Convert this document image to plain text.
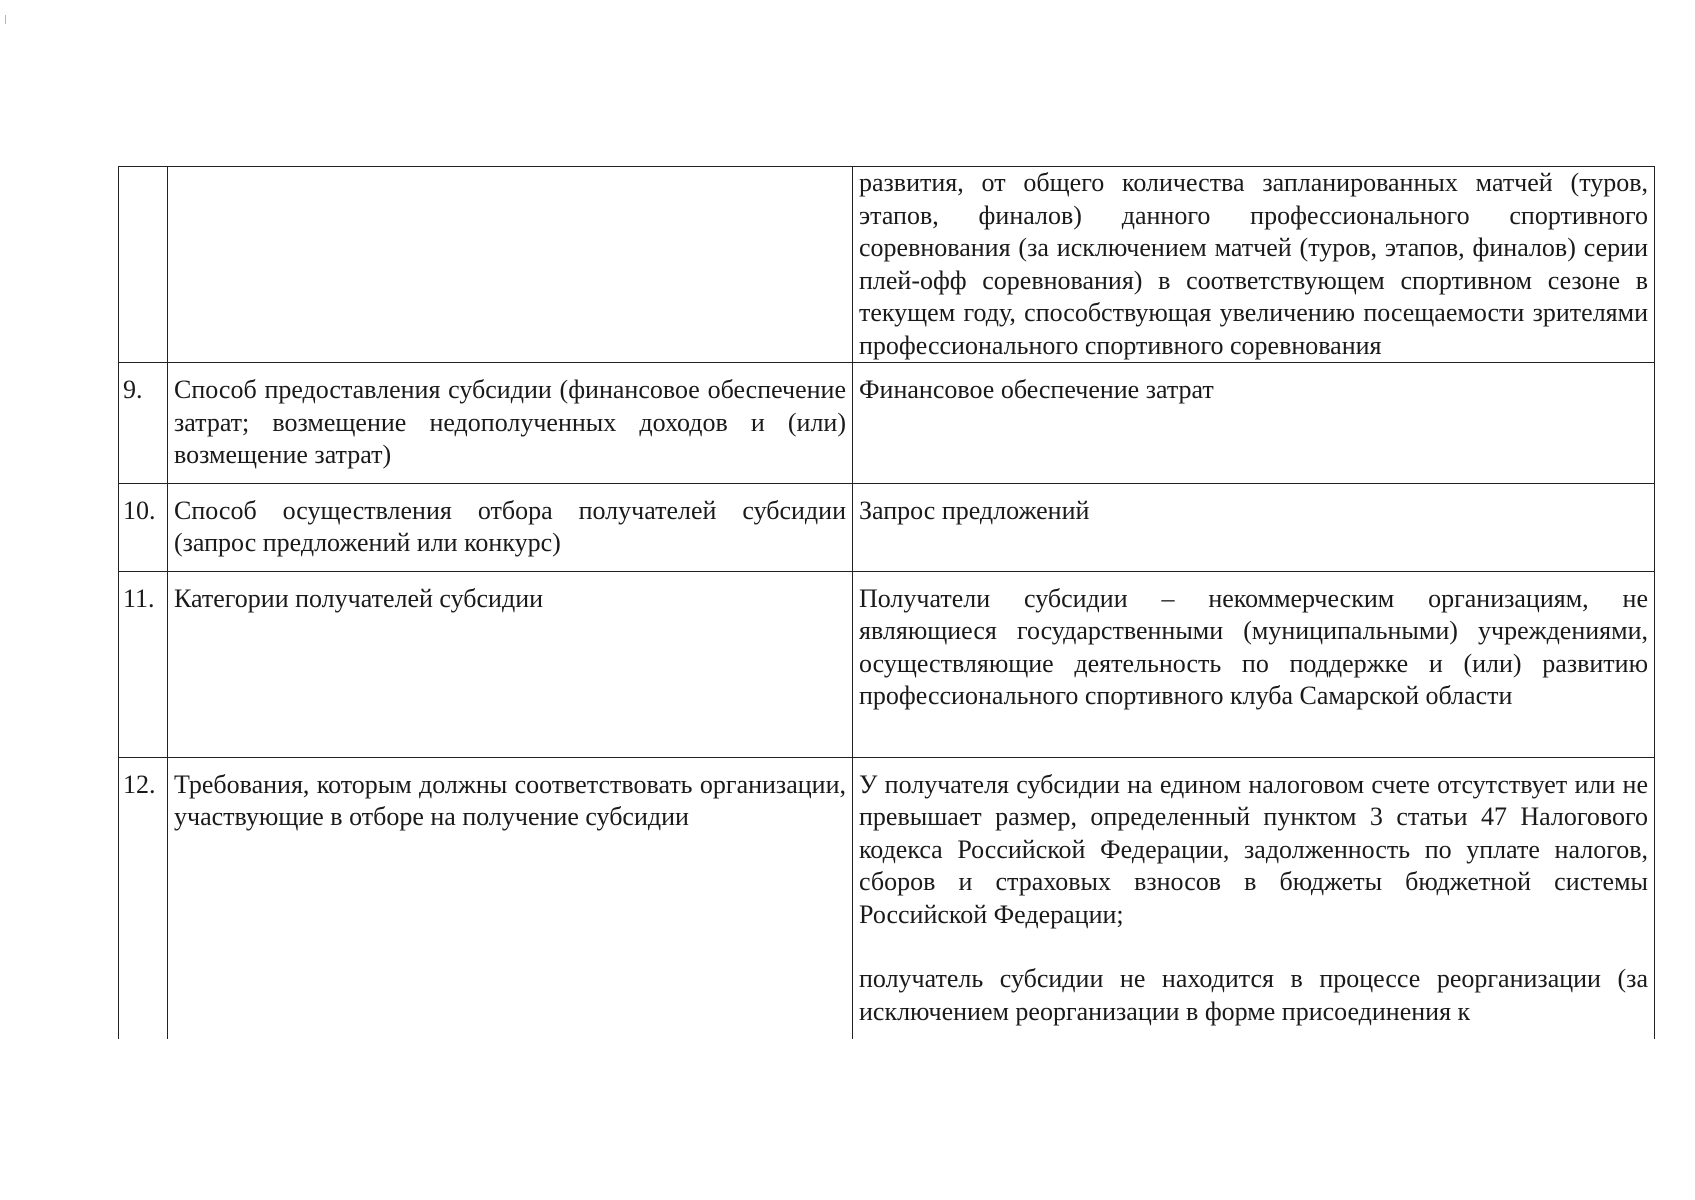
		развития, от общего количества запланированных матчей (туров, этапов, финалов) данного профессионального спортивного соревнования (за исключением матчей (туров, этапов, финалов) серии плей-офф соревнования) в соответствующем спортивном сезоне в текущем году, способствующая увеличению посещаемости зрителями профессионального спортивного соревнования

9.	Способ предоставления субсидии (финансовое обеспечение затрат; возмещение недополученных доходов и (или) возмещение затрат)	Финансовое обеспечение затрат

10.	Способ осуществления отбора получателей субсидии (запрос предложений или конкурс)	Запрос предложений

11.	Категории получателей субсидии	Получатели субсидии – некоммерческим организациям, не являющиеся государственными (муниципальными) учреждениями, осуществляющие деятельность по поддержке и (или) развитию профессионального спортивного клуба Самарской области

12.	Требования, которым должны соответствовать организации, участвующие в отборе на получение субсидии	У получателя субсидии на едином налоговом счете отсутствует или не превышает размер, определенный пунктом 3 статьи 47 Налогового кодекса Российской Федерации, задолженность по уплате налогов, сборов и страховых взносов в бюджеты бюджетной системы Российской Федерации;
получатель субсидии не находится в процессе реорганизации (за исключением реорганизации в форме присоединения к
